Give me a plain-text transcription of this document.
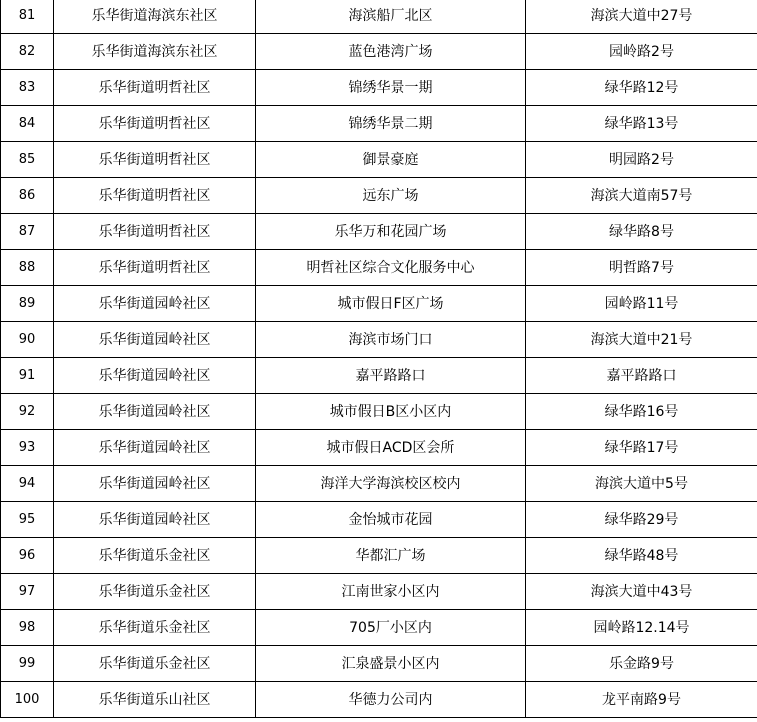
81	乐华街道海滨东社区	海滨船厂北区	海滨大道中27号
82	乐华街道海滨东社区	蓝色港湾广场	园岭路2号
83	乐华街道明哲社区	锦绣华景一期	绿华路12号
84	乐华街道明哲社区	锦绣华景二期	绿华路13号
85	乐华街道明哲社区	御景豪庭	明园路2号
86	乐华街道明哲社区	远东广场	海滨大道南57号
87	乐华街道明哲社区	乐华万和花园广场	绿华路8号
88	乐华街道明哲社区	明哲社区综合文化服务中心	明哲路7号
89	乐华街道园岭社区	城市假日F区广场	园岭路11号
90	乐华街道园岭社区	海滨市场门口	海滨大道中21号
91	乐华街道园岭社区	嘉平路路口	嘉平路路口
92	乐华街道园岭社区	城市假日B区小区内	绿华路16号
93	乐华街道园岭社区	城市假日ACD区会所	绿华路17号
94	乐华街道园岭社区	海洋大学海滨校区校内	海滨大道中5号
95	乐华街道园岭社区	金怡城市花园	绿华路29号
96	乐华街道乐金社区	华都汇广场	绿华路48号
97	乐华街道乐金社区	江南世家小区内	海滨大道中43号
98	乐华街道乐金社区	705厂小区内	园岭路12.14号
99	乐华街道乐金社区	汇泉盛景小区内	乐金路9号
100	乐华街道乐山社区	华德力公司内	龙平南路9号
